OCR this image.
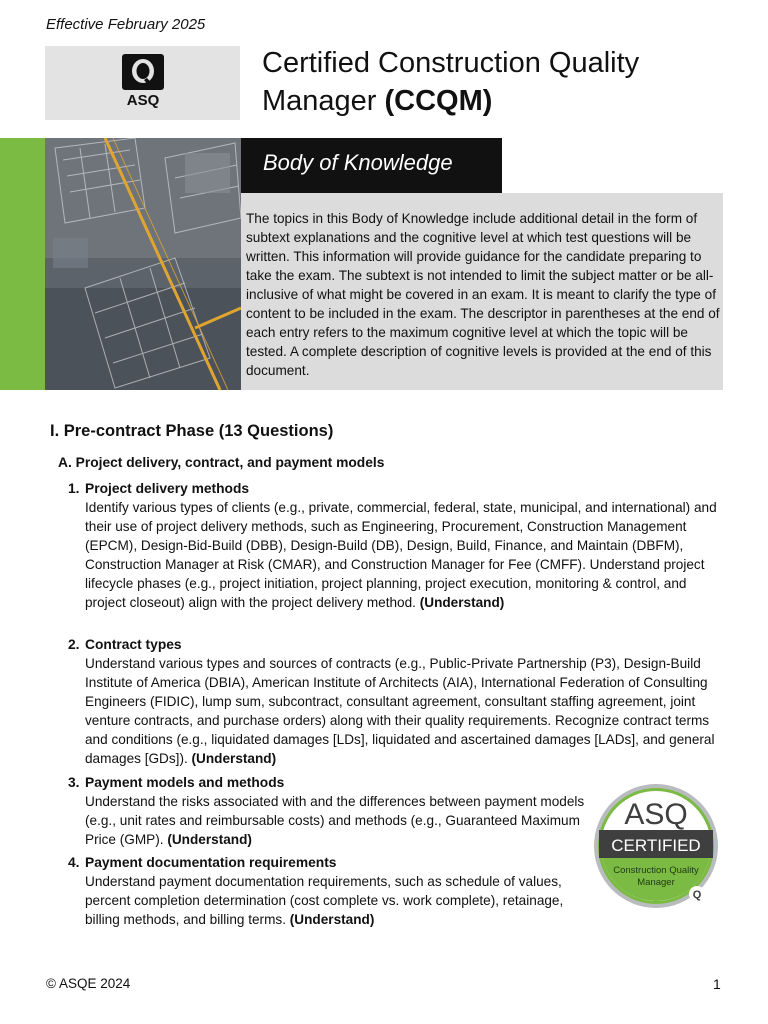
Effective February 2025
ASQ
Certified Construction Quality Manager (CCQM)
Body of Knowledge
The topics in this Body of Knowledge include additional detail in the form of subtext explanations and the cognitive level at which test questions will be written. This information will provide guidance for the candidate preparing to take the exam. The subtext is not intended to limit the subject matter or be all-inclusive of what might be covered in an exam. It is meant to clarify the type of content to be included in the exam. The descriptor in parentheses at the end of each entry refers to the maximum cognitive level at which the topic will be tested. A complete description of cognitive levels is provided at the end of this document.
I. Pre-contract Phase (13 Questions)
A. Project delivery, contract, and payment models
1. Project delivery methods
Identify various types of clients (e.g., private, commercial, federal, state, municipal, and international) and their use of project delivery methods, such as Engineering, Procurement, Construction Management (EPCM), Design-Bid-Build (DBB), Design-Build (DB), Design, Build, Finance, and Maintain (DBFM), Construction Manager at Risk (CMAR), and Construction Manager for Fee (CMFF). Understand project lifecycle phases (e.g., project initiation, project planning, project execution, monitoring & control, and project closeout) align with the project delivery method. (Understand)
2. Contract types
Understand various types and sources of contracts (e.g., Public-Private Partnership (P3), Design-Build Institute of America (DBIA), American Institute of Architects (AIA), International Federation of Consulting Engineers (FIDIC), lump sum, subcontract, consultant agreement, consultant staffing agreement, joint venture contracts, and purchase orders) along with their quality requirements. Recognize contract terms and conditions (e.g., liquidated damages [LDs], liquidated and ascertained damages [LADs], and general damages [GDs]). (Understand)
3. Payment models and methods
Understand the risks associated with and the differences between payment models (e.g., unit rates and reimbursable costs) and methods (e.g., Guaranteed Maximum Price (GMP). (Understand)
4. Payment documentation requirements
Understand payment documentation requirements, such as schedule of values, percent completion determination (cost complete vs. work complete), retainage, billing methods, and billing terms. (Understand)
ASQ
CERTIFIED
Construction Quality
Manager
Q
© ASQE 2024	1
